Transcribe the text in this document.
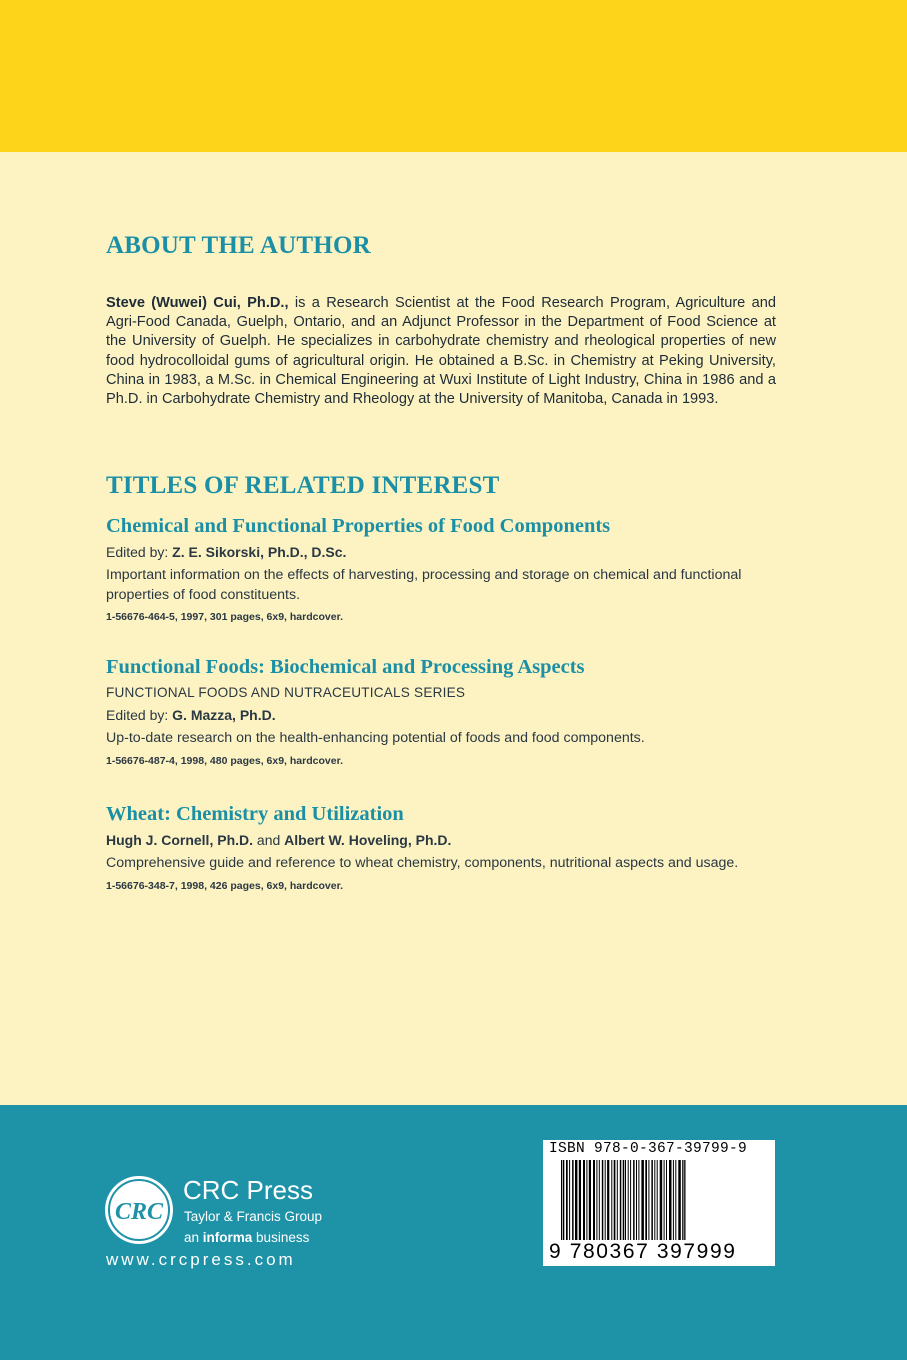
ABOUT THE AUTHOR

Steve (Wuwei) Cui, Ph.D., is a Research Scientist at the Food Research Program, Agriculture and Agri-Food Canada, Guelph, Ontario, and an Adjunct Professor in the Department of Food Science at the University of Guelph. He specializes in carbohydrate chemistry and rheological properties of new food hydrocolloidal gums of agricultural origin. He obtained a B.Sc. in Chemistry at Peking University, China in 1983, a M.Sc. in Chemical Engineering at Wuxi Institute of Light Industry, China in 1986 and a Ph.D. in Carbohydrate Chemistry and Rheology at the University of Manitoba, Canada in 1993.

TITLES OF RELATED INTEREST
Chemical and Functional Properties of Food Components
Edited by: Z. E. Sikorski, Ph.D., D.Sc.
Important information on the effects of harvesting, processing and storage on chemical and functional properties of food constituents.
1-56676-464-5, 1997, 301 pages, 6x9, hardcover.
Functional Foods: Biochemical and Processing Aspects
FUNCTIONAL FOODS AND NUTRACEUTICALS SERIES
Edited by: G. Mazza, Ph.D.
Up-to-date research on the health-enhancing potential of foods and food components.
1-56676-487-4, 1998, 480 pages, 6x9, hardcover.
Wheat: Chemistry and Utilization
Hugh J. Cornell, Ph.D. and Albert W. Hoveling, Ph.D.
Comprehensive guide and reference to wheat chemistry, components, nutritional aspects and usage.
1-56676-348-7, 1998, 426 pages, 6x9, hardcover.
CRC
CRC Press
Taylor & Francis Group
an informa business
www.crcpress.com
ISBN 978-0-367-39799-9
9 780367 397999
